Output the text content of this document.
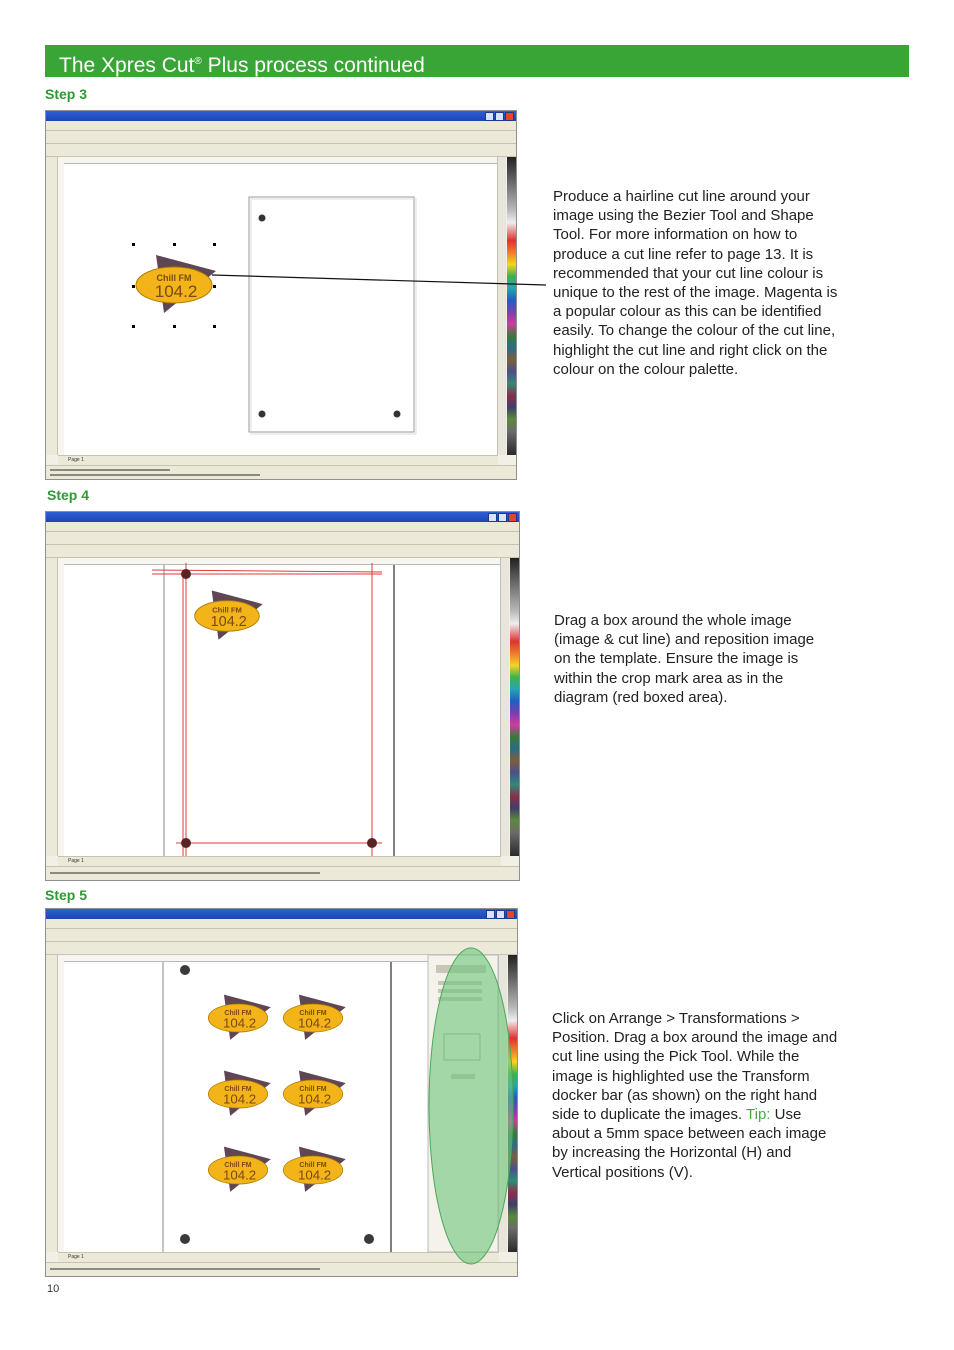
The Xpres Cut® Plus process continued
Step 3
Page 1
Chill FM
104.2
Produce a hairline cut line around your image using the Bezier Tool and Shape Tool. For more information on how to produce a cut line refer to page 13. It is recommended that your cut line colour is unique to the rest of the image. Magenta is a popular colour as this can be identified easily. To change the colour of the cut line, highlight the cut line and right click on the colour on the colour palette.
Step 4
Page 1
Chill FM
104.2	Drag a box around the whole image (image & cut line) and reposition image on the template. Ensure the image is within the crop mark area as in the diagram (red boxed area).
Step 5
Page 1
Chill FM
104.2
Chill FM
104.2
Chill FM
104.2
Chill FM
104.2
Chill FM
104.2
Chill FM
104.2
Click on Arrange > Transformations > Position. Drag a box around the image and cut line using the Pick Tool. While the image is highlighted use the Transform docker bar (as shown) on the right hand side to duplicate the images. Tip: Use about a 5mm space between each image by increasing the Horizontal (H) and Vertical positions (V).
10
